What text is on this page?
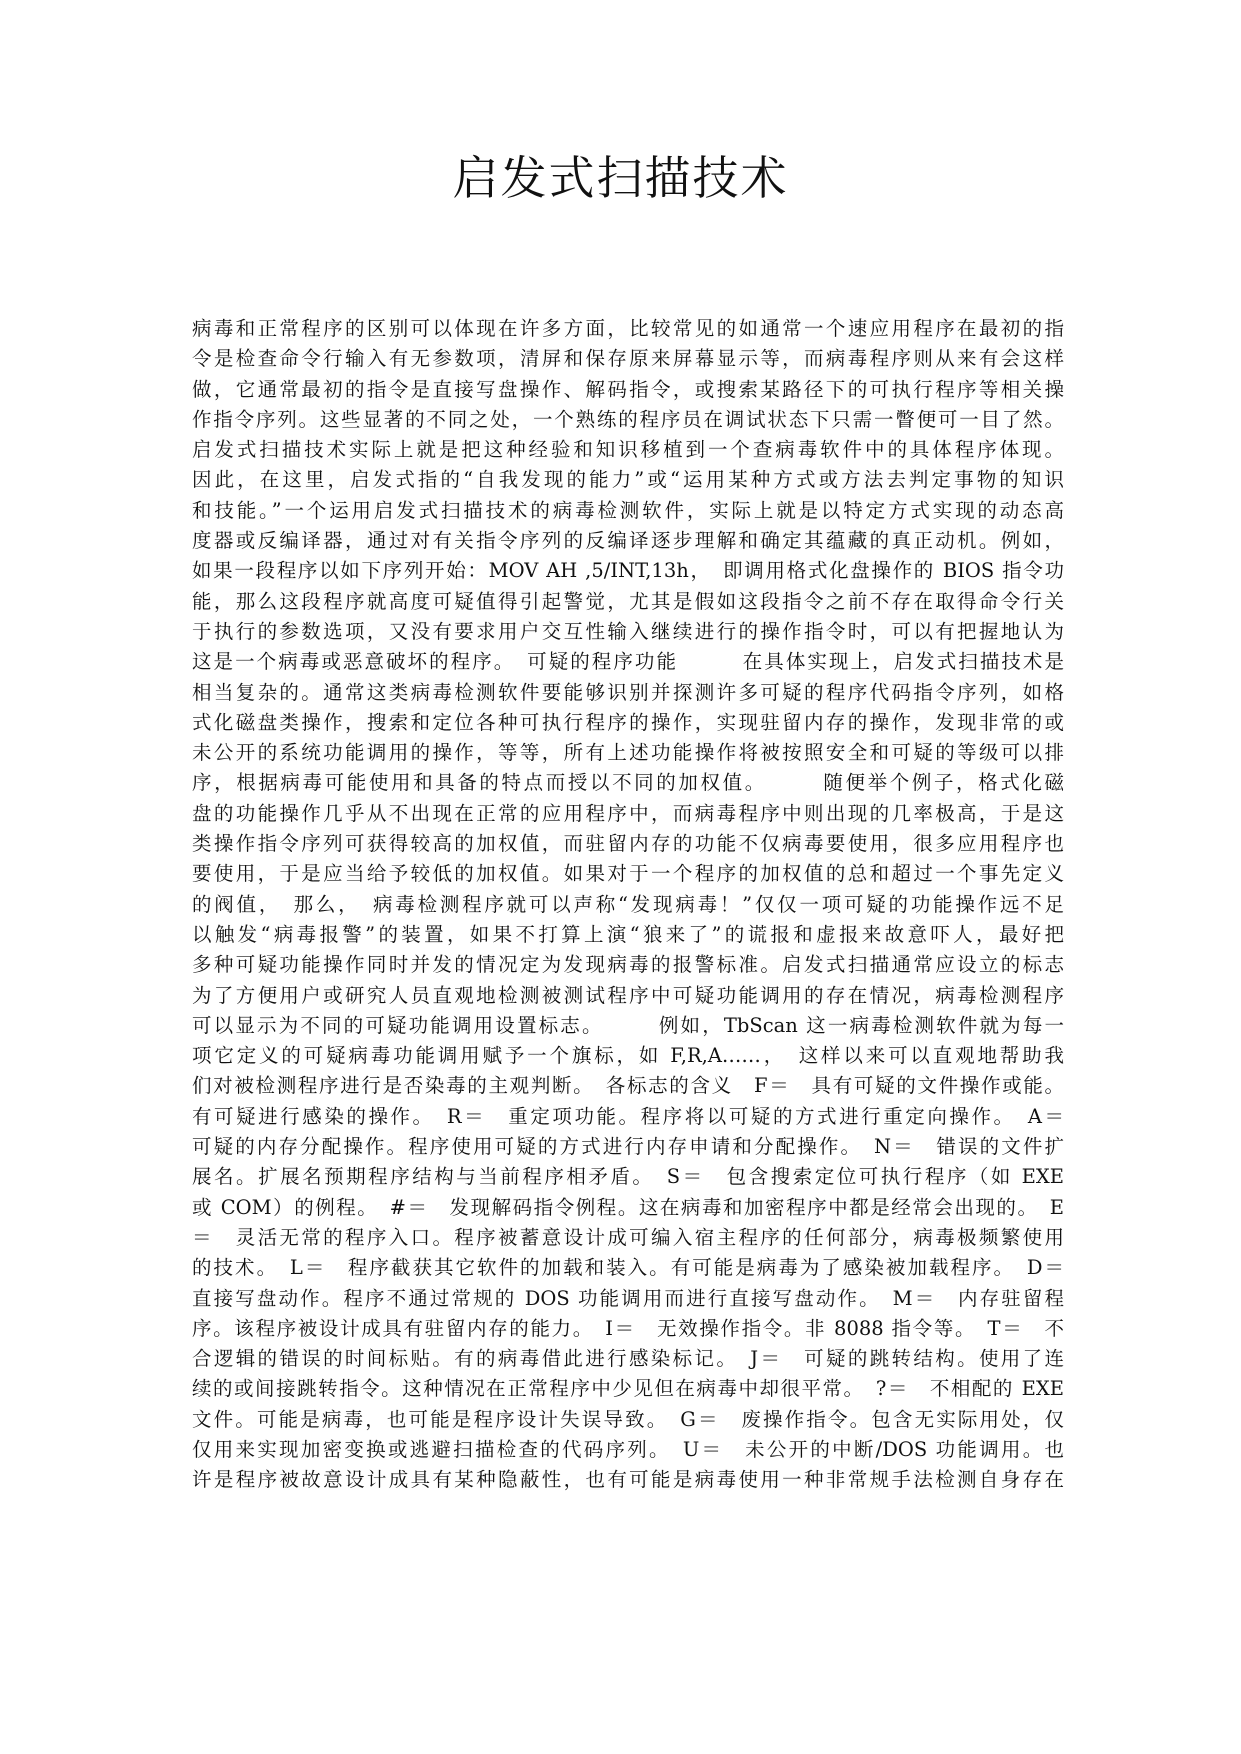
启发式扫描技术
病毒和正常程序的区别可以体现在许多方面，比较常见的如通常一个速应用程序在最初的指
令是检查命令行输入有无参数项，清屏和保存原来屏幕显示等，而病毒程序则从来有会这样
做，它通常最初的指令是直接写盘操作、解码指令，或搜索某路径下的可执行程序等相关操
作指令序列。这些显著的不同之处，一个熟练的程序员在调试状态下只需一瞥便可一目了然。
启发式扫描技术实际上就是把这种经验和知识移植到一个查病毒软件中的具体程序体现。
因此，在这里，启发式指的“自我发现的能力”或“运用某种方式或方法去判定事物的知识
和技能。”一个运用启发式扫描技术的病毒检测软件，实际上就是以特定方式实现的动态高
度器或反编译器，通过对有关指令序列的反编译逐步理解和确定其蕴藏的真正动机。例如，
如果一段程序以如下序列开始：MOV AH ,5/INT,13h，　即调用格式化盘操作的 BIOS 指令功
能，那么这段程序就高度可疑值得引起警觉，尤其是假如这段指令之前不存在取得命令行关
于执行的参数选项，又没有要求用户交互性输入继续进行的操作指令时，可以有把握地认为
这是一个病毒或恶意破坏的程序。　可疑的程序功能　　　在具体实现上，启发式扫描技术是
相当复杂的。通常这类病毒检测软件要能够识别并探测许多可疑的程序代码指令序列，如格
式化磁盘类操作，搜索和定位各种可执行程序的操作，实现驻留内存的操作，发现非常的或
未公开的系统功能调用的操作，等等，所有上述功能操作将被按照安全和可疑的等级可以排
序，根据病毒可能使用和具备的特点而授以不同的加权值。　　　随便举个例子，格式化磁
盘的功能操作几乎从不出现在正常的应用程序中，而病毒程序中则出现的几率极高，于是这
类操作指令序列可获得较高的加权值，而驻留内存的功能不仅病毒要使用，很多应用程序也
要使用，于是应当给予较低的加权值。如果对于一个程序的加权值的总和超过一个事先定义
的阀值，　那么，　病毒检测程序就可以声称“发现病毒！”仅仅一项可疑的功能操作远不足
以触发“病毒报警”的装置，如果不打算上演“狼来了”的谎报和虚报来故意吓人，最好把
多种可疑功能操作同时并发的情况定为发现病毒的报警标准。启发式扫描通常应设立的标志
为了方便用户或研究人员直观地检测被测试程序中可疑功能调用的存在情况，病毒检测程序
可以显示为不同的可疑功能调用设置标志。　　　例如，TbScan 这一病毒检测软件就为每一
项它定义的可疑病毒功能调用赋予一个旗标，如 F,R,A……，　这样以来可以直观地帮助我
们对被检测程序进行是否染毒的主观判断。　各标志的含义　F＝　具有可疑的文件操作或能。
有可疑进行感染的操作。　R＝　重定项功能。程序将以可疑的方式进行重定向操作。　A＝
可疑的内存分配操作。程序使用可疑的方式进行内存申请和分配操作。　N＝　错误的文件扩
展名。扩展名预期程序结构与当前程序相矛盾。　S＝　包含搜索定位可执行程序（如 EXE
或 COM）的例程。　#＝　发现解码指令例程。这在病毒和加密程序中都是经常会出现的。　E
＝　灵活无常的程序入口。程序被蓄意设计成可编入宿主程序的任何部分，病毒极频繁使用
的技术。　L＝　程序截获其它软件的加载和装入。有可能是病毒为了感染被加载程序。　D＝
直接写盘动作。程序不通过常规的 DOS 功能调用而进行直接写盘动作。　M＝　内存驻留程
序。该程序被设计成具有驻留内存的能力。　I＝　无效操作指令。非 8088 指令等。　T＝　不
合逻辑的错误的时间标贴。有的病毒借此进行感染标记。　J＝　可疑的跳转结构。使用了连
续的或间接跳转指令。这种情况在正常程序中少见但在病毒中却很平常。　?＝　不相配的 EXE
文件。可能是病毒，也可能是程序设计失误导致。　G＝　废操作指令。包含无实际用处，仅
仅用来实现加密变换或逃避扫描检查的代码序列。　U＝　未公开的中断/DOS 功能调用。也
许是程序被故意设计成具有某种隐蔽性，也有可能是病毒使用一种非常规手法检测自身存在
